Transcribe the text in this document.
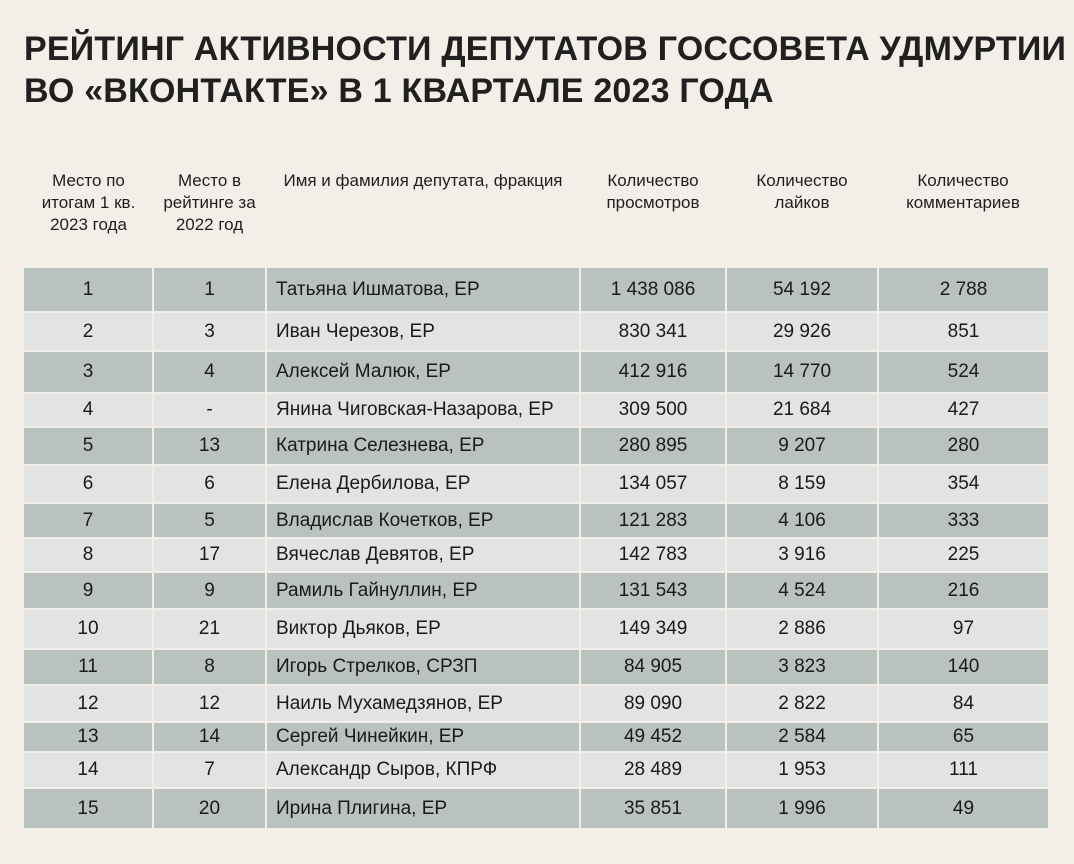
РЕЙТИНГ АКТИВНОСТИ ДЕПУТАТОВ ГОССОВЕТА УДМУРТИИ
ВО «ВКОНТАКТЕ» В 1 КВАРТАЛЕ 2023 ГОДА
Место по итогам 1 кв. 2023 года	Место в рейтинге за 2022 год	Имя и фамилия депутата, фракция	Количество просмотров	Количество лайков	Количество комментариев
1	1	Татьяна Ишматова, ЕР	1 438 086	54 192	2 788
2	3	Иван Черезов, ЕР	830 341	29 926	851
3	4	Алексей Малюк, ЕР	412 916	14 770	524
4	-	Янина Чиговская-Назарова, ЕР	309 500	21 684	427
5	13	Катрина Селезнева, ЕР	280 895	9 207	280
6	6	Елена Дербилова, ЕР	134 057	8 159	354
7	5	Владислав Кочетков, ЕР	121 283	4 106	333
8	17	Вячеслав Девятов, ЕР	142 783	3 916	225
9	9	Рамиль Гайнуллин, ЕР	131 543	4 524	216
10	21	Виктор Дьяков, ЕР	149 349	2 886	97
11	8	Игорь Стрелков, СРЗП	84 905	3 823	140
12	12	Наиль Мухамедзянов, ЕР	89 090	2 822	84
13	14	Сергей Чинейкин, ЕР	49 452	2 584	65
14	7	Александр Сыров, КПРФ	28 489	1 953	111
15	20	Ирина Плигина, ЕР	35 851	1 996	49
